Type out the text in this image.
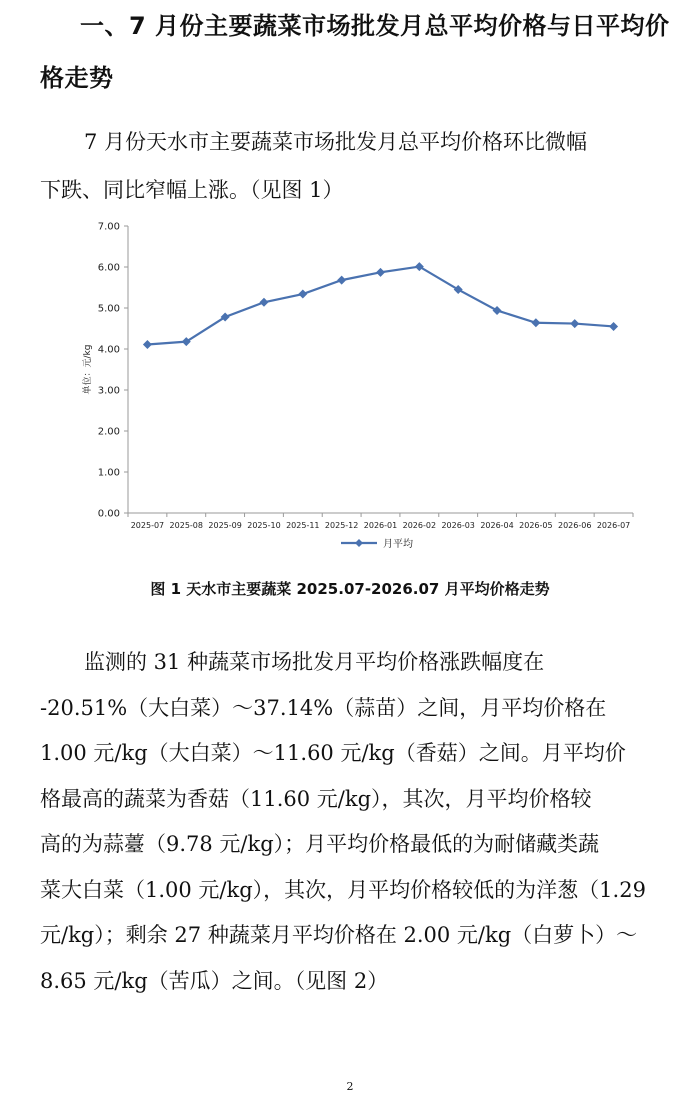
一、7 月份主要蔬菜市场批发月总平均价格与日平均价
格走势
7 月份天水市主要蔬菜市场批发月总平均价格环比微幅
下跌、同比窄幅上涨。（见图 1）
0.00
1.00
2.00
3.00
4.00
5.00
6.00
7.00
2025-07 2025-08 2025-09 2025-10 2025-11 2025-12 2026-01 2026-02 2026-03 2026-04 2026-05 2026-06 2026-07
单位：元/kg
月平均
图 1 天水市主要蔬菜 2025.07-2026.07 月平均价格走势
监测的 31 种蔬菜市场批发月平均价格涨跌幅度在
-20.51%（大白菜）～37.14%（蒜苗）之间，月平均价格在
1.00 元/kg（大白菜）～11.60 元/kg（香菇）之间。月平均价
格最高的蔬菜为香菇（11.60 元/kg），其次，月平均价格较
高的为蒜薹（9.78 元/kg）；月平均价格最低的为耐储藏类蔬
菜大白菜（1.00 元/kg），其次，月平均价格较低的为洋葱（1.29
元/kg）；剩余 27 种蔬菜月平均价格在 2.00 元/kg（白萝卜）～
8.65 元/kg（苦瓜）之间。（见图 2）
2
